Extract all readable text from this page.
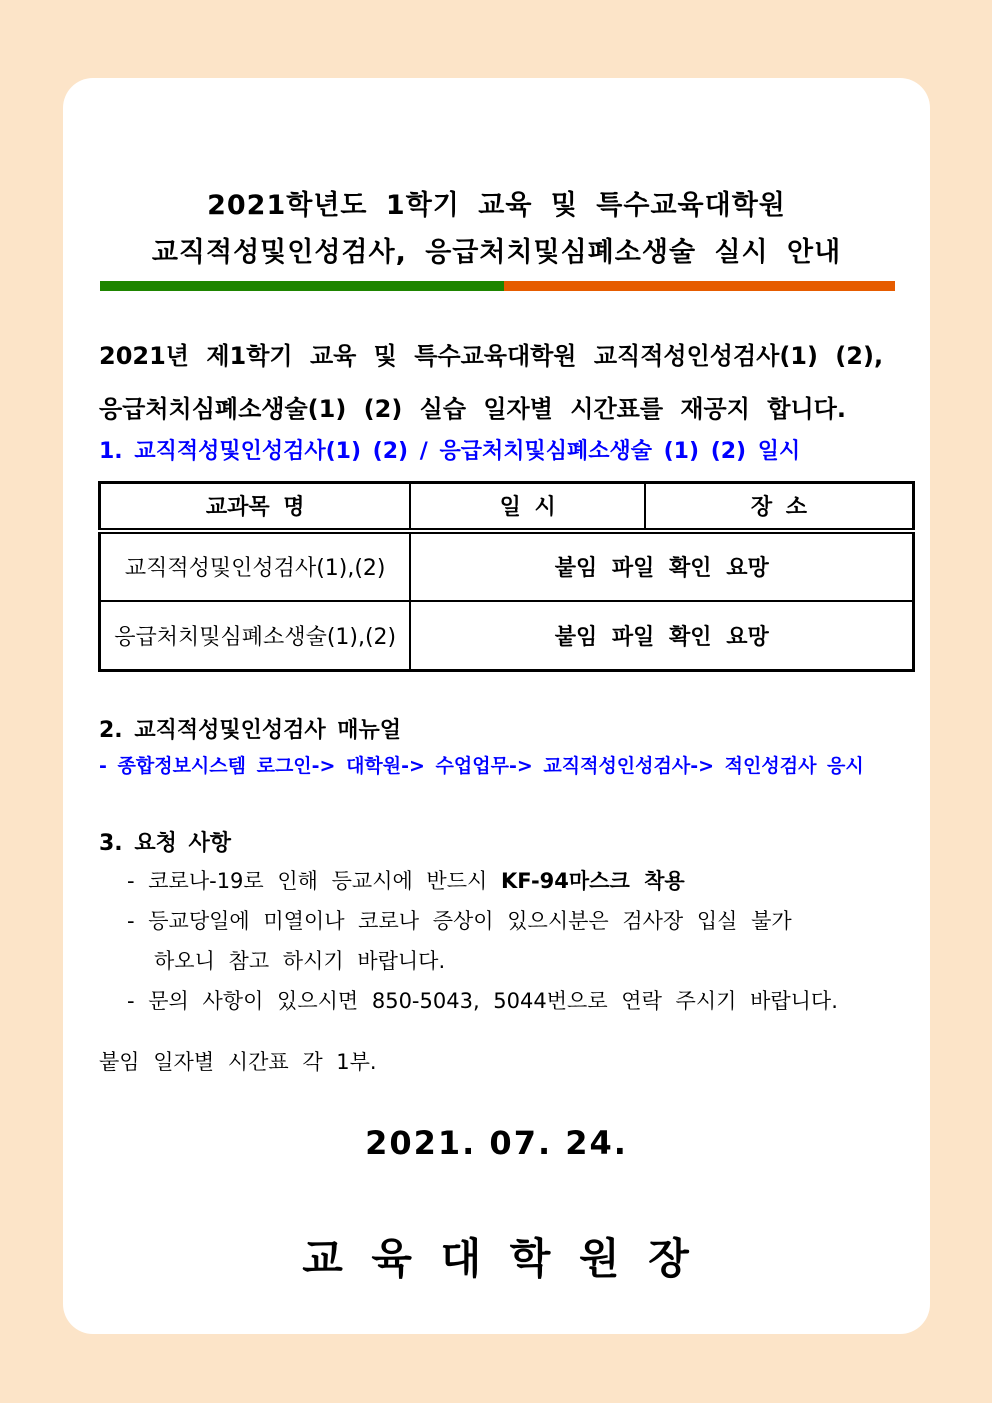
2021학년도 1학기 교육 및 특수교육대학원
교직적성및인성검사, 응급처치및심폐소생술 실시 안내
2021년 제1학기 교육 및 특수교육대학원 교직적성인성검사(1) (2),
응급처치심폐소생술(1) (2) 실습 일자별 시간표를 재공지 합니다.
1. 교직적성및인성검사(1) (2) / 응급처치및심폐소생술 (1) (2) 일시
교과목 명	일 시	장 소
교직적성및인성검사(1),(2)	붙임 파일 확인 요망	
응급처치및심폐소생술(1),(2)	붙임 파일 확인 요망	
2. 교직적성및인성검사 매뉴얼
- 종합정보시스템 로그인-> 대학원-> 수업업무-> 교직적성인성검사-> 적인성검사 응시
3. 요청 사항
- 코로나-19로 인해 등교시에 반드시 KF-94마스크 착용
- 등교당일에 미열이나 코로나 증상이 있으시분은 검사장 입실 불가
하오니 참고 하시기 바랍니다.
- 문의 사항이 있으시면 850-5043, 5044번으로 연락 주시기 바랍니다.
붙임 일자별 시간표 각 1부.
2021. 07. 24.
교 육 대 학 원 장
